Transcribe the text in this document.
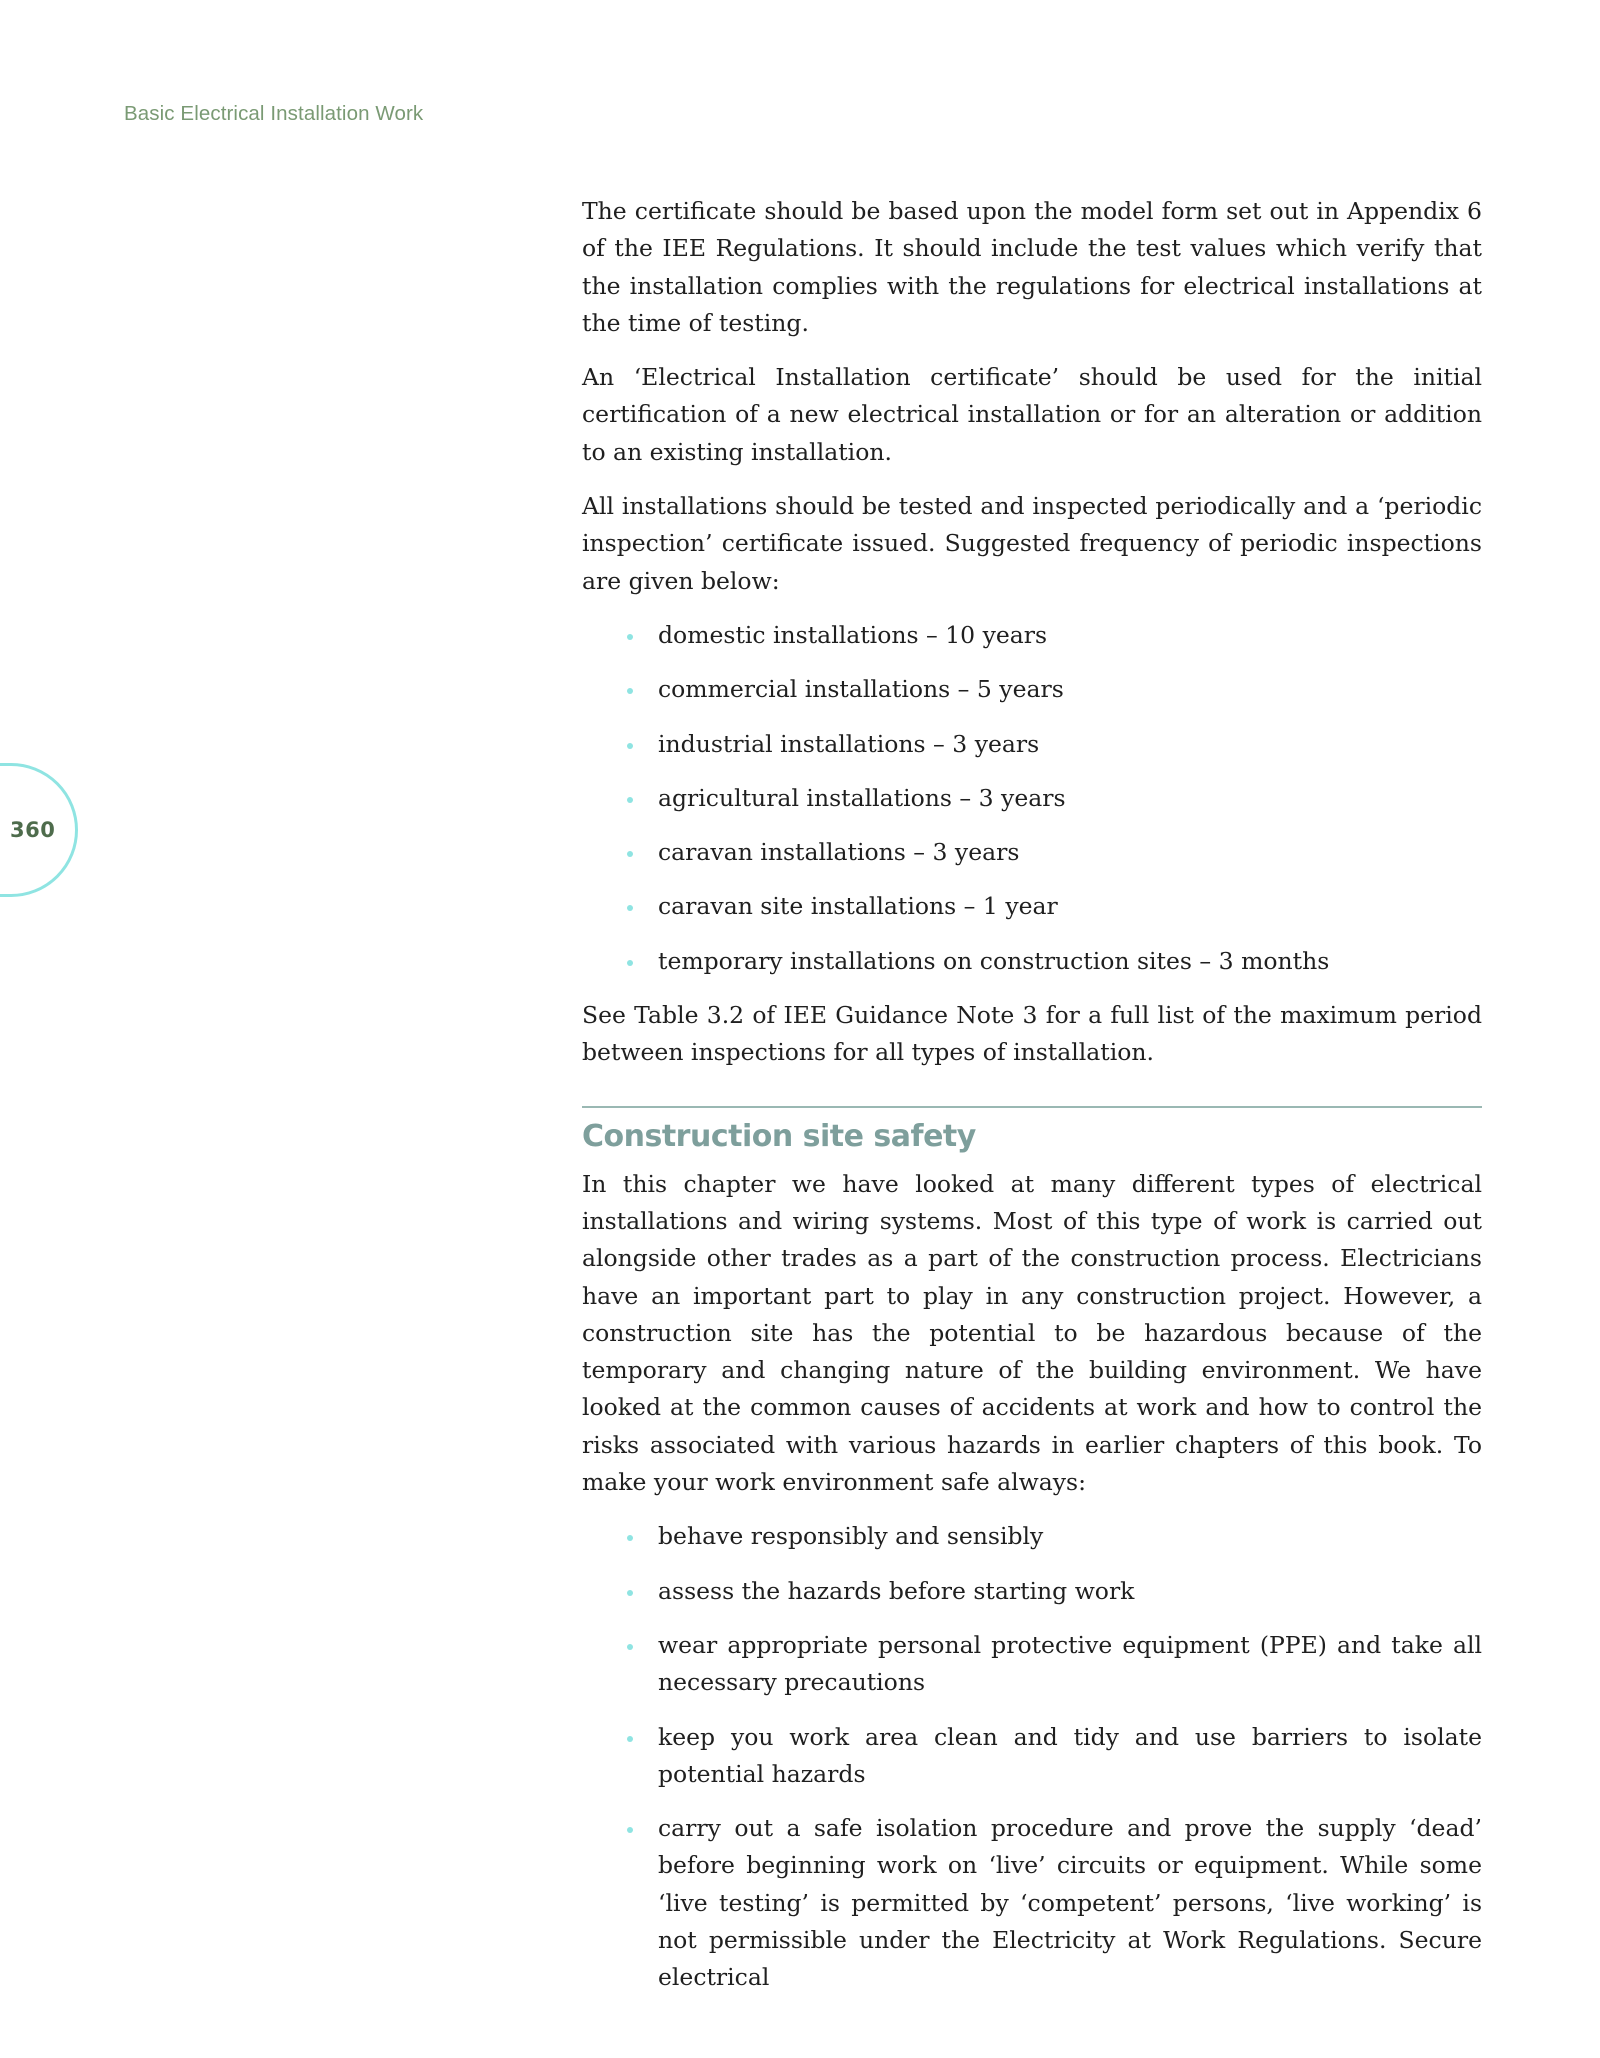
Basic Electrical Installation Work
360

The certificate should be based upon the model form set out in Appendix 6 of the IEE Regulations. It should include the test values which verify that the installation complies with the regulations for electrical installations at the time of testing.

An ‘Electrical Installation certificate’ should be used for the initial certification of a new electrical installation or for an alteration or addition to an existing installation.

All installations should be tested and inspected periodically and a ‘periodic inspection’ certificate issued. Suggested frequency of periodic inspections are given below:

domestic installations – 10 years
commercial installations – 5 years
industrial installations – 3 years
agricultural installations – 3 years
caravan installations – 3 years
caravan site installations – 1 year
temporary installations on construction sites – 3 months

See Table 3.2 of IEE Guidance Note 3 for a full list of the maximum period between inspections for all types of installation.

Construction site safety

In this chapter we have looked at many different types of electrical installations and wiring systems. Most of this type of work is carried out alongside other trades as a part of the construction process. Electricians have an important part to play in any construction project. However, a construction site has the potential to be hazardous because of the temporary and changing nature of the building environment. We have looked at the common causes of accidents at work and how to control the risks associated with various hazards in earlier chapters of this book. To make your work environment safe always:

behave responsibly and sensibly
assess the hazards before starting work
wear appropriate personal protective equipment (PPE) and take all necessary precautions
keep you work area clean and tidy and use barriers to isolate potential hazards
carry out a safe isolation procedure and prove the supply ‘dead’ before beginning work on ‘live’ circuits or equipment. While some ‘live testing’ is permitted by ‘competent’ persons, ‘live working’ is not permissible under the Electricity at Work Regulations. Secure electrical
